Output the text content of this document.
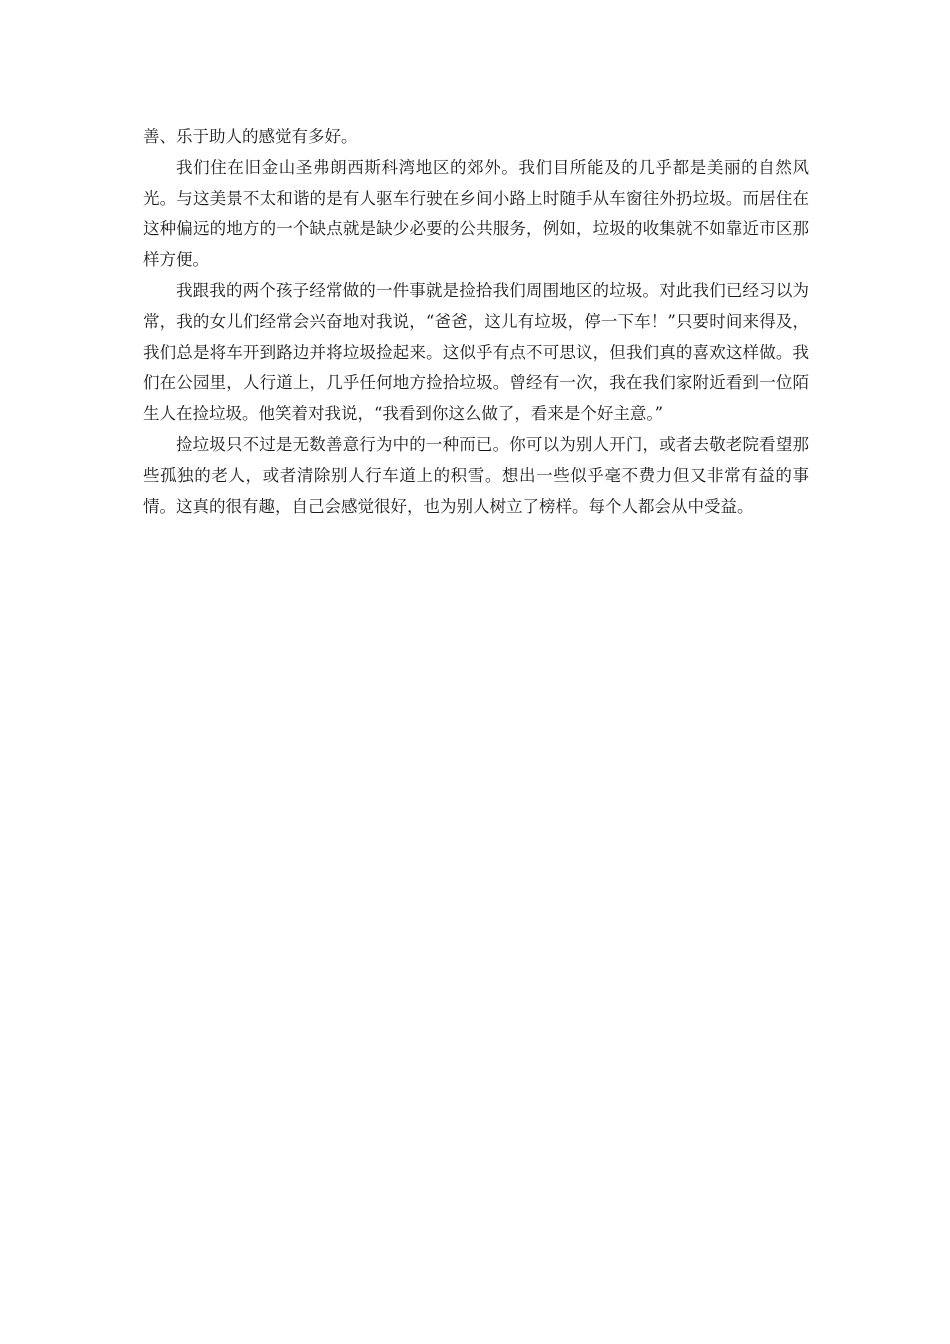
善、乐于助人的感觉有多好。

我们住在旧金山圣弗朗西斯科湾地区的郊外。我们目所能及的几乎都是美丽的自然风光。与这美景不太和谐的是有人驱车行驶在乡间小路上时随手从车窗往外扔垃圾。而居住在这种偏远的地方的一个缺点就是缺少必要的公共服务，例如，垃圾的收集就不如靠近市区那样方便。

我跟我的两个孩子经常做的一件事就是捡拾我们周围地区的垃圾。对此我们已经习以为常，我的女儿们经常会兴奋地对我说，“爸爸，这儿有垃圾，停一下车！”只要时间来得及，我们总是将车开到路边并将垃圾捡起来。这似乎有点不可思议，但我们真的喜欢这样做。我们在公园里，人行道上，几乎任何地方捡拾垃圾。曾经有一次，我在我们家附近看到一位陌生人在捡垃圾。他笑着对我说，“我看到你这么做了，看来是个好主意。”

捡垃圾只不过是无数善意行为中的一种而已。你可以为别人开门，或者去敬老院看望那些孤独的老人，或者清除别人行车道上的积雪。想出一些似乎毫不费力但又非常有益的事情。这真的很有趣，自己会感觉很好，也为别人树立了榜样。每个人都会从中受益。
